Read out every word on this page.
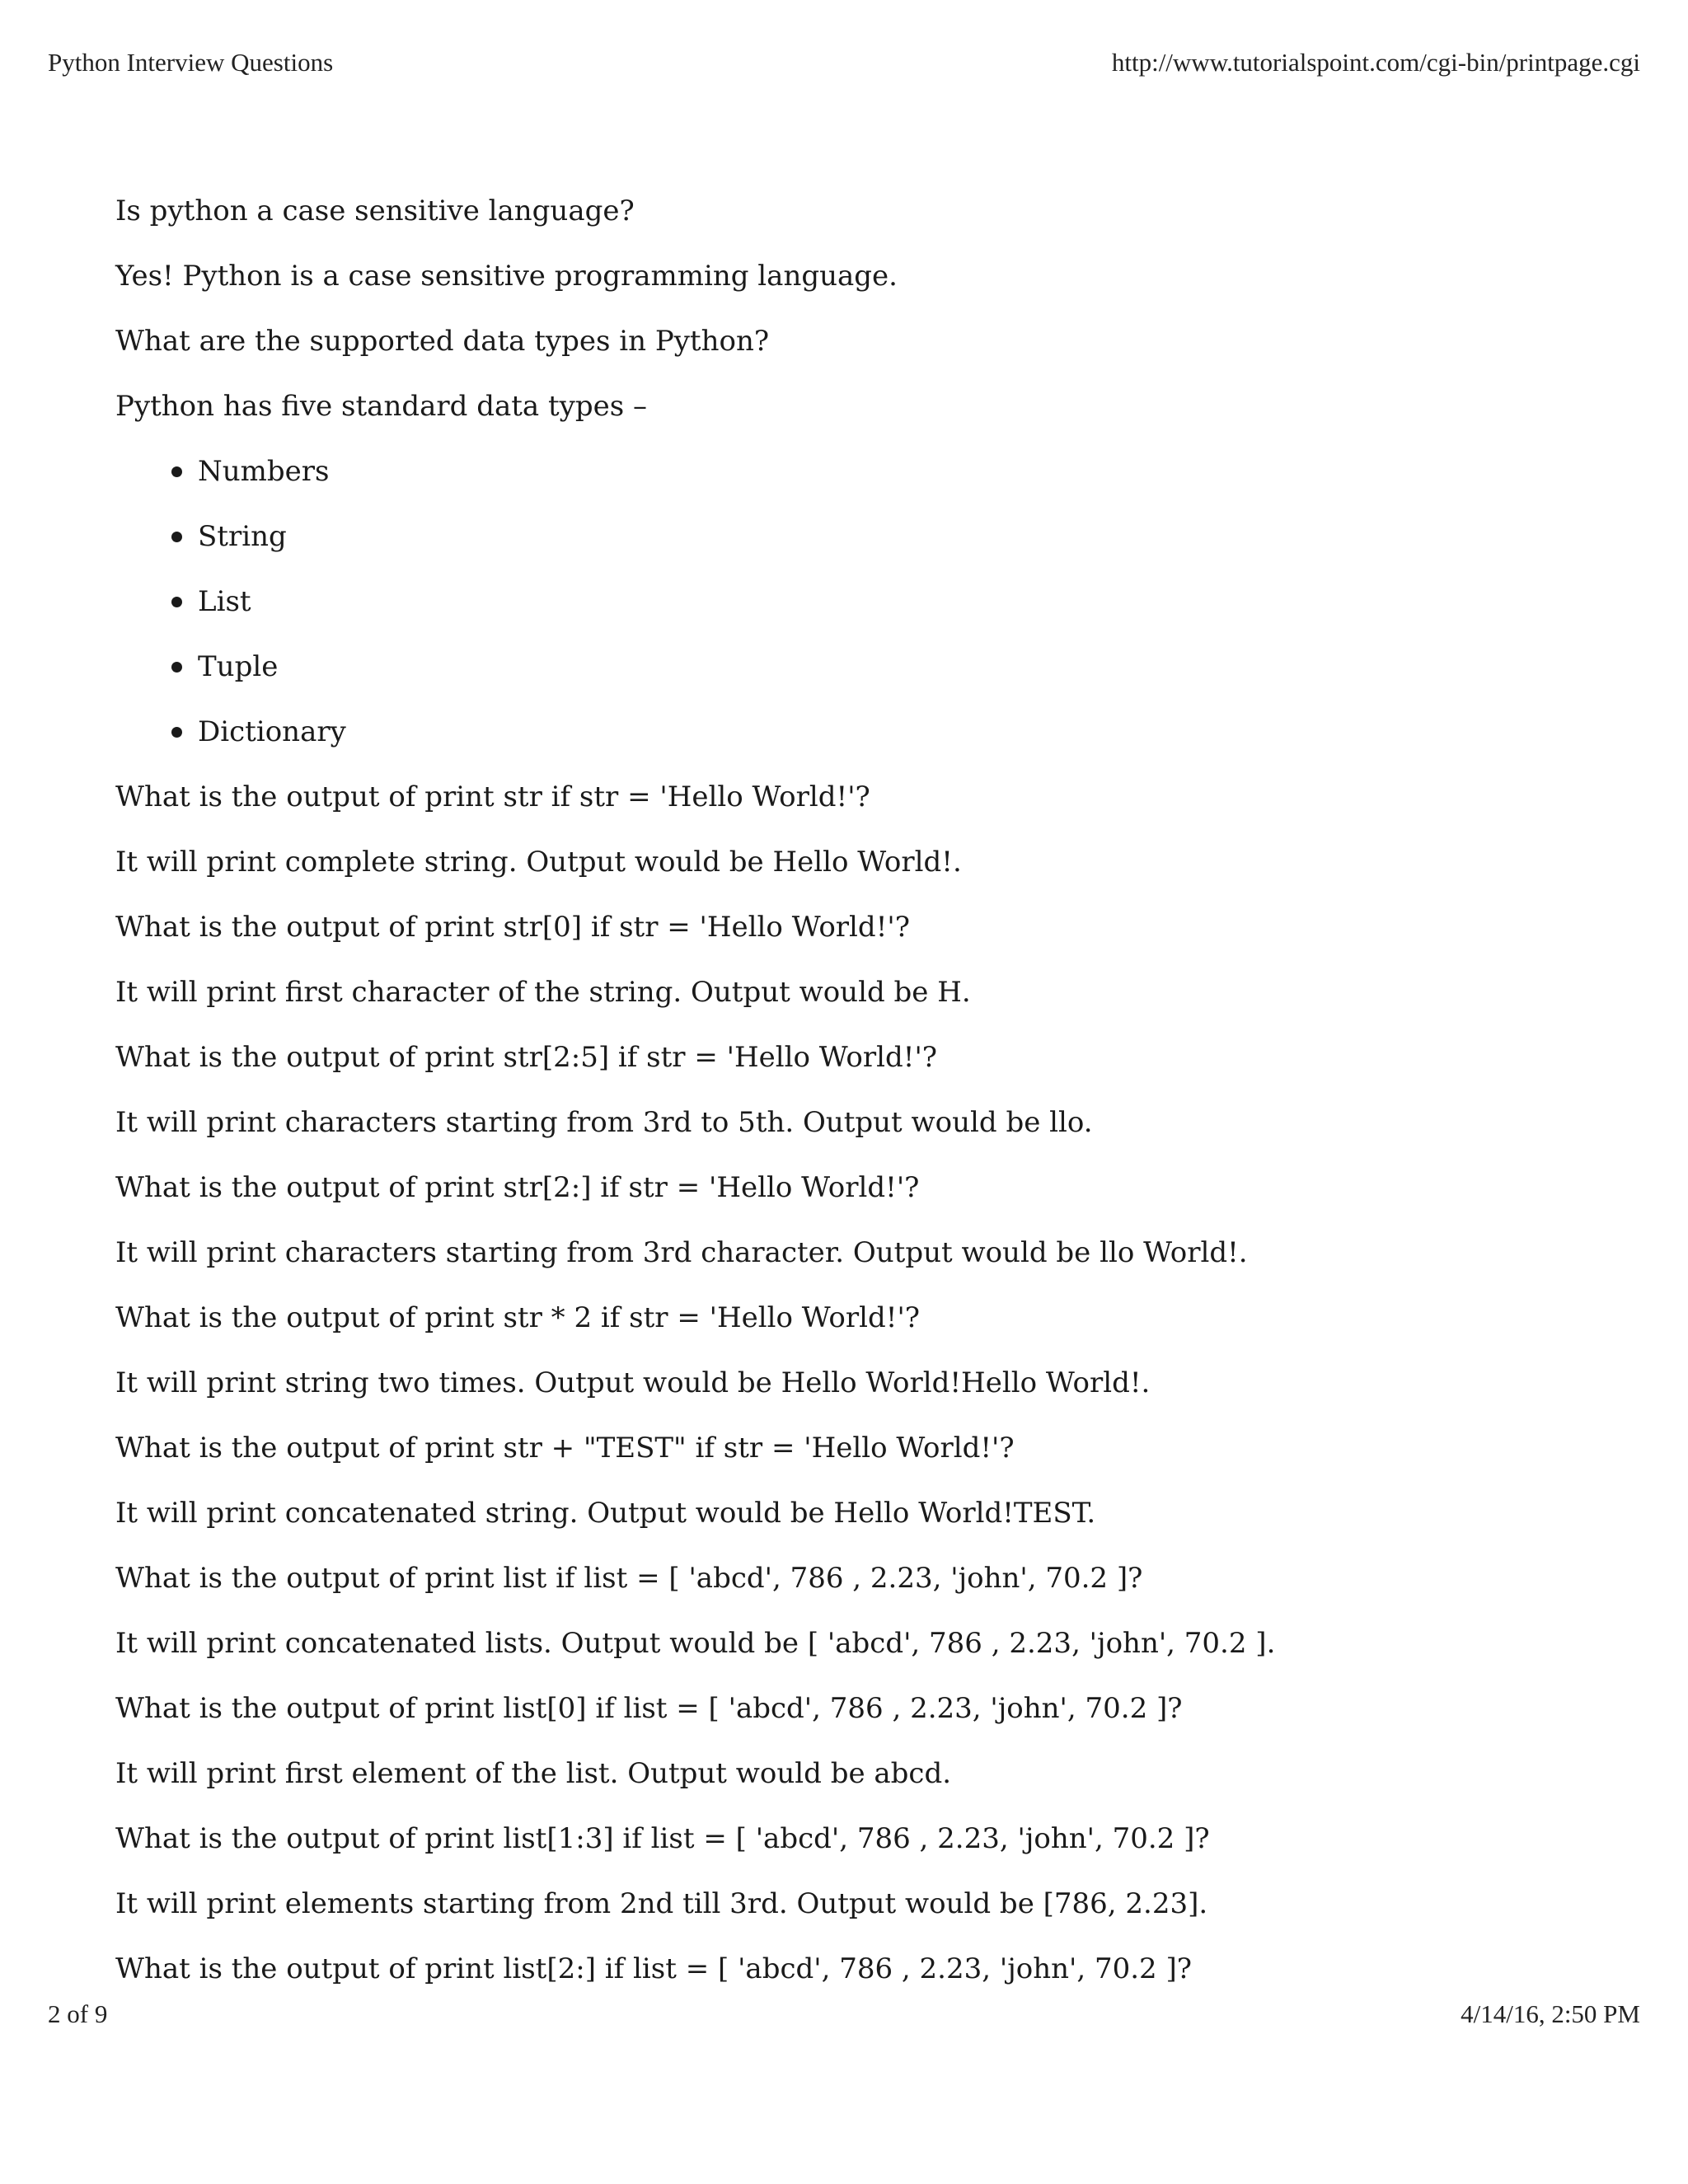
Python Interview Questions	http://www.tutorialspoint.com/cgi-bin/printpage.cgi

Is python a case sensitive language?

Yes! Python is a case sensitive programming language.

What are the supported data types in Python?

Python has five standard data types –

Numbers
String
List
Tuple
Dictionary

What is the output of print str if str = 'Hello World!'?

It will print complete string. Output would be Hello World!.

What is the output of print str[0] if str = 'Hello World!'?

It will print first character of the string. Output would be H.

What is the output of print str[2:5] if str = 'Hello World!'?

It will print characters starting from 3rd to 5th. Output would be llo.

What is the output of print str[2:] if str = 'Hello World!'?

It will print characters starting from 3rd character. Output would be llo World!.

What is the output of print str * 2 if str = 'Hello World!'?

It will print string two times. Output would be Hello World!Hello World!.

What is the output of print str + "TEST" if str = 'Hello World!'?

It will print concatenated string. Output would be Hello World!TEST.

What is the output of print list if list = [ 'abcd', 786 , 2.23, 'john', 70.2 ]?

It will print concatenated lists. Output would be [ 'abcd', 786 , 2.23, 'john', 70.2 ].

What is the output of print list[0] if list = [ 'abcd', 786 , 2.23, 'john', 70.2 ]?

It will print first element of the list. Output would be abcd.

What is the output of print list[1:3] if list = [ 'abcd', 786 , 2.23, 'john', 70.2 ]?

It will print elements starting from 2nd till 3rd. Output would be [786, 2.23].

What is the output of print list[2:] if list = [ 'abcd', 786 , 2.23, 'john', 70.2 ]?

2 of 9	4/14/16, 2:50 PM
